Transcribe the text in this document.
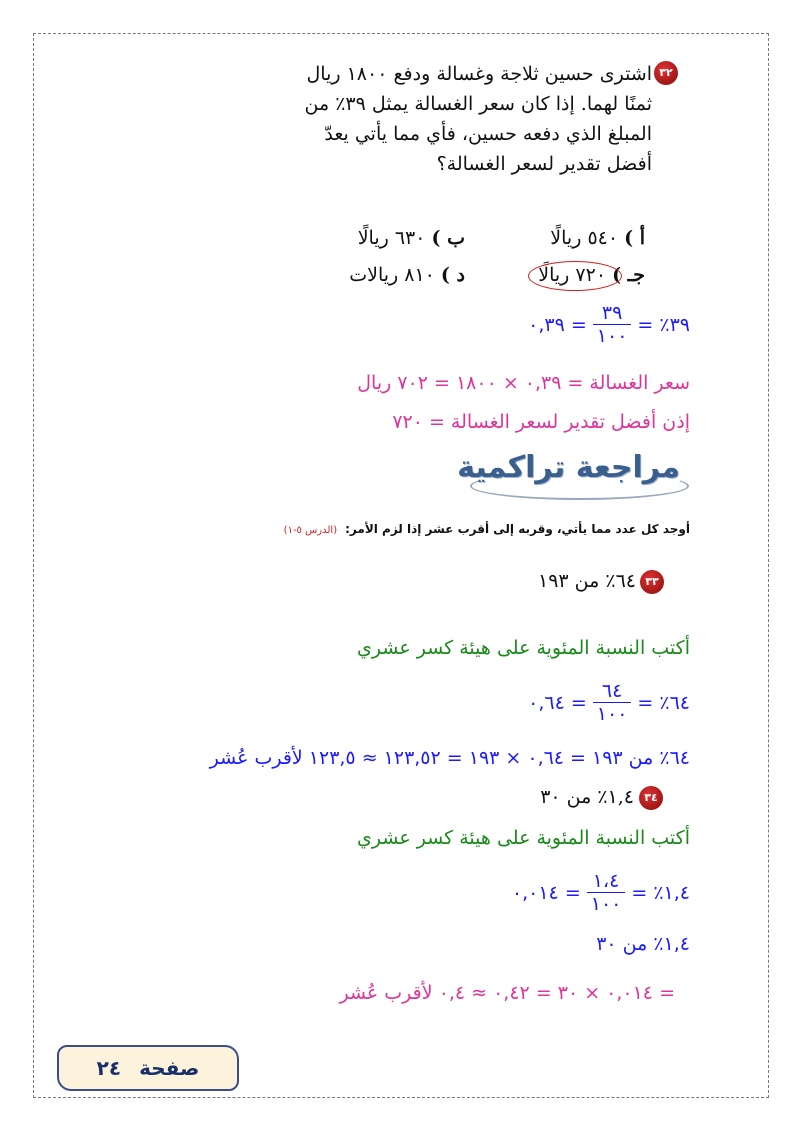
٣٢
اشترى حسين ثلاجة وغسالة ودفع ١٨٠٠ ريال
ثمنًا لهما. إذا كان سعر الغسالة يمثل ٣٩٪ من
المبلغ الذي دفعه حسين، فأي مما يأتي يعدّ
أفضل تقدير لسعر الغسالة؟
أ ) ٥٤٠ ريالًا
ب ) ٦٣٠ ريالًا
جـ ) ٧٢٠ ريالًا
د ) ٨١٠ ريالات
٣٩٪ =
$\frac{٣٩}{١٠٠}$
= ٠,٣٩
سعر الغسالة = ٠,٣٩ × ١٨٠٠ = ٧٠٢ ريال
إذن أفضل تقدير لسعر الغسالة = ٧٢٠
مراجعة تراكمية
أوجد كل عدد مما يأتي، وقربه إلى أقرب عشر إذا لزم الأمر:(الدرس ٥-١)
٣٣
٦٤٪ من ١٩٣
أكتب النسبة المئوية على هيئة كسر عشري
٦٤٪ =
$\frac{٦٤}{١٠٠}$
= ٠,٦٤
٦٤٪ من ١٩٣ = ٠,٦٤ × ١٩٣ = ١٢٣,٥٢ ≈ ١٢٣,٥ لأقرب عُشر
٣٤
١,٤٪ من ٣٠
أكتب النسبة المئوية على هيئة كسر عشري
١,٤٪ =
$\frac{١،٤}{١٠٠}$
= ٠,٠١٤
١,٤٪ من ٣٠
= ٠,٠١٤ × ٣٠ = ٠,٤٢ ≈ ٠,٤ لأقرب عُشر
صفحة
٢٤
